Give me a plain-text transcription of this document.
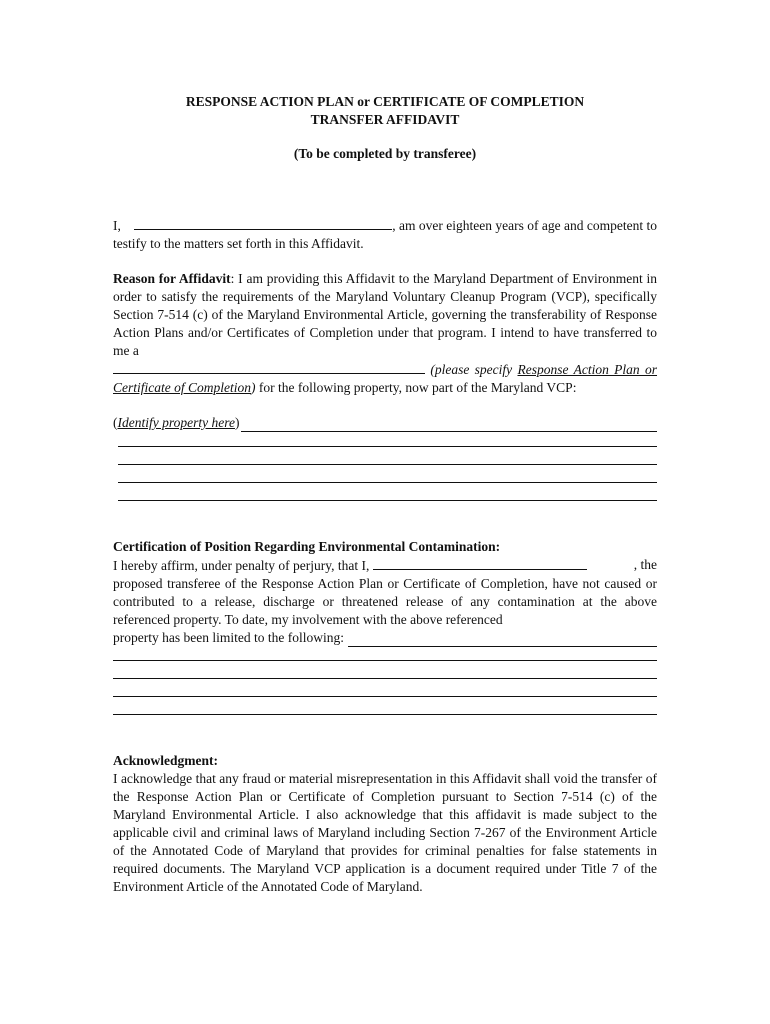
RESPONSE ACTION PLAN or CERTIFICATE OF COMPLETION
TRANSFER AFFIDAVIT
(To be completed by transferee)
I,	, am over eighteen years of age and competent to testify to the matters set forth in this Affidavit.
Reason for Affidavit: I am providing this Affidavit to the Maryland Department of Environment in order to satisfy the requirements of the Maryland Voluntary Cleanup Program (VCP), specifically Section 7-514 (c) of the Maryland Environmental Article, governing the transferability of Response Action Plans and/or Certificates of Completion under that program. I intend to have transferred to me a
(please specify Response Action Plan or Certificate of Completion) for the following property, now part of the Maryland VCP:
( Identify property here )
Certification of Position Regarding Environmental Contamination:
I hereby affirm, under penalty of perjury, that I,	, the
proposed transferee of the Response Action Plan or Certificate of Completion, have not caused or contributed to a release, discharge or threatened release of any contamination at the above referenced property. To date, my involvement with the above referenced
property has been limited to the following:
Acknowledgment:
I acknowledge that any fraud or material misrepresentation in this Affidavit shall void the transfer of the Response Action Plan or Certificate of Completion pursuant to Section 7-514 (c) of the Maryland Environmental Article. I also acknowledge that this affidavit is made subject to the applicable civil and criminal laws of Maryland including Section 7-267 of the Environment Article of the Annotated Code of Maryland that provides for criminal penalties for false statements in required documents. The Maryland VCP application is a document required under Title 7 of the Environment Article of the Annotated Code of Maryland.
